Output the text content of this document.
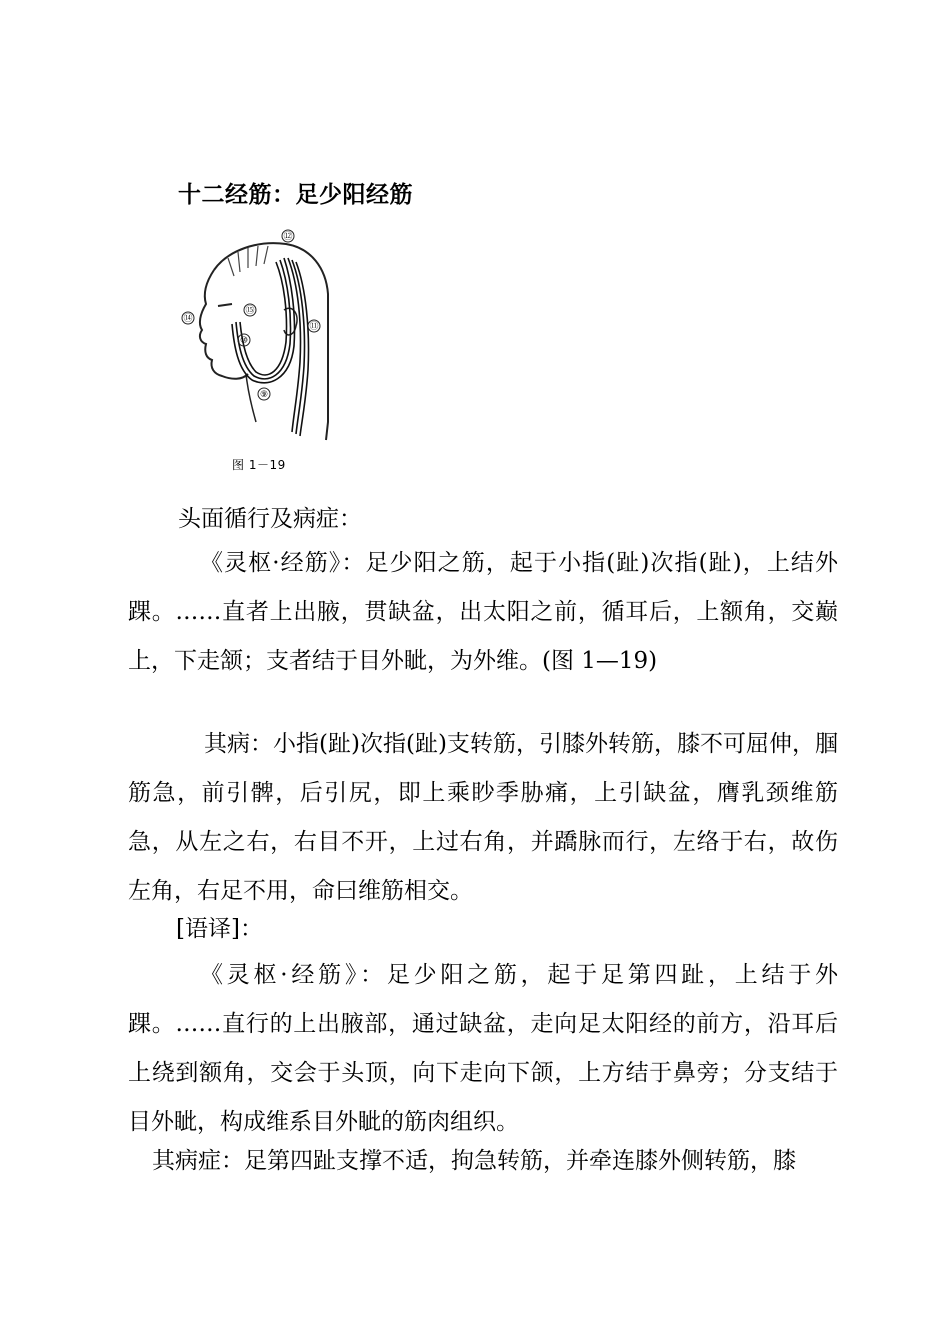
十二经筋：足少阳经筋
⑫
⑭
⑮
⑩
⑪
⑨
图 1－19
头面循行及病症：

《灵枢·经筋》：足少阳之筋，起于小指(趾)次指(趾)，上结外踝。……直者上出腋，贯缺盆，出太阳之前，循耳后，上额角，交巅上，下走颔；支者结于目外眦，为外维。(图 1—19)

其病：小指(趾)次指(趾)支转筋，引膝外转筋，膝不可屈伸，腘筋急，前引髀，后引尻，即上乘眇季胁痛，上引缺盆，膺乳颈维筋急，从左之右，右目不开，上过右角，并蹻脉而行，左络于右，故伤左角，右足不用，命曰维筋相交。

[语译]：

《灵枢·经筋》：足少阳之筋，起于足第四趾，上结于外踝。……直行的上出腋部，通过缺盆，走向足太阳经的前方，沿耳后上绕到额角，交会于头顶，向下走向下颌，上方结于鼻旁；分支结于目外眦，构成维系目外眦的筋肉组织。

其病症：足第四趾支撑不适，拘急转筋，并牵连膝外侧转筋，膝
